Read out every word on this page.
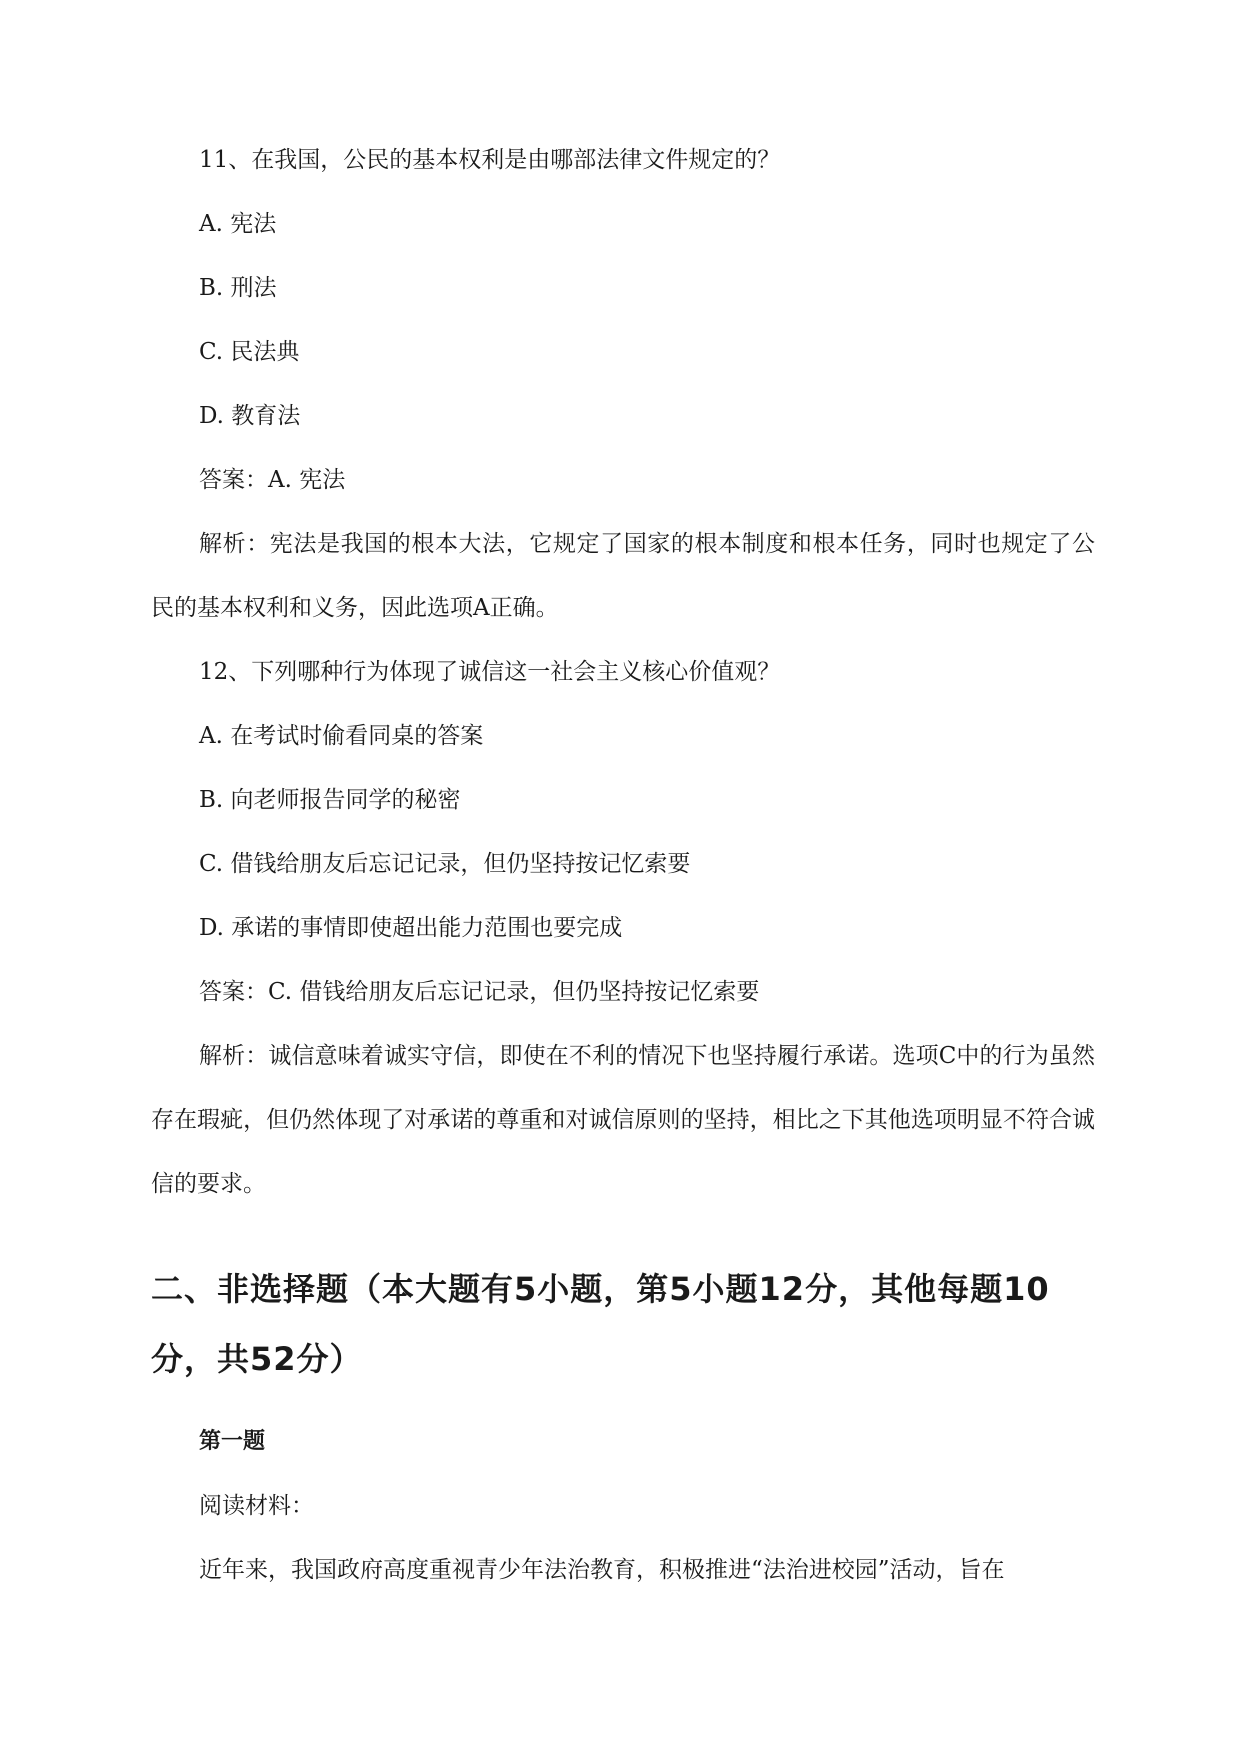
11、在我国，公民的基本权利是由哪部法律文件规定的？
A. 宪法
B. 刑法
C. 民法典
D. 教育法
答案：A. 宪法
解析：宪法是我国的根本大法，它规定了国家的根本制度和根本任务，同时也规定了公民的基本权利和义务，因此选项A正确。
12、下列哪种行为体现了诚信这一社会主义核心价值观？
A. 在考试时偷看同桌的答案
B. 向老师报告同学的秘密
C. 借钱给朋友后忘记记录，但仍坚持按记忆索要
D. 承诺的事情即使超出能力范围也要完成
答案：C. 借钱给朋友后忘记记录，但仍坚持按记忆索要
解析：诚信意味着诚实守信，即使在不利的情况下也坚持履行承诺。选项C中的行为虽然存在瑕疵，但仍然体现了对承诺的尊重和对诚信原则的坚持，相比之下其他选项明显不符合诚信的要求。
二、非选择题（本大题有5小题，第5小题12分，其他每题10分，共52分）
第一题
阅读材料：
近年来，我国政府高度重视青少年法治教育，积极推进“法治进校园”活动，旨在
